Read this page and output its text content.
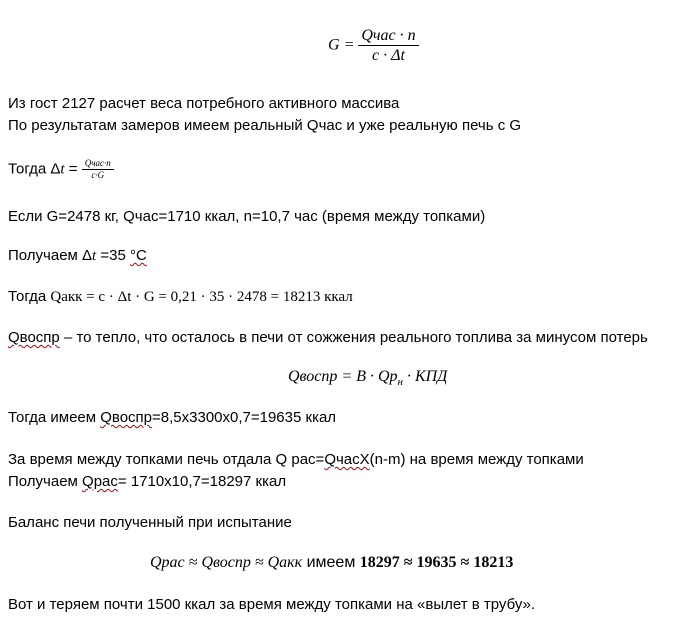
$G = \frac{\text{Qчас · n}}{c \cdot \Delta t}$
Из гост 2127 расчет веса потребного активного массива
По результатам замеров имеем реальный Qчас и уже реальную печь с G
Тогда $\Delta t = \frac{\text{Qчас·n}}{c\cdot G}$
Если G=2478 кг, Qчас=1710 ккал, n=10,7 час (время между топками)
Получаем Δt =35 °C
Тогда Qакк = c · Δt · G = 0,21 · 35 · 2478 = 18213 ккал
Qвоспр – то тепло, что осталось в печи от сожжения реального топлива за минусом потерь
Qвоспр = $B \cdot Qр_н$ · КПД
Тогда имеем Qвоспр=8,5х3300х0,7=19635 ккал
За время между топками печь отдала Q рас=QчасХ(n-m) на время между топками
Получаем Qрас= 1710х10,7=18297 ккал
Баланс печи полученный при испытание
Qрас ≈ Qвоспр ≈ Qакк имеем 18297 ≈ 19635 ≈ 18213
Вот и теряем почти 1500 ккал за время между топками на «вылет в трубу».
